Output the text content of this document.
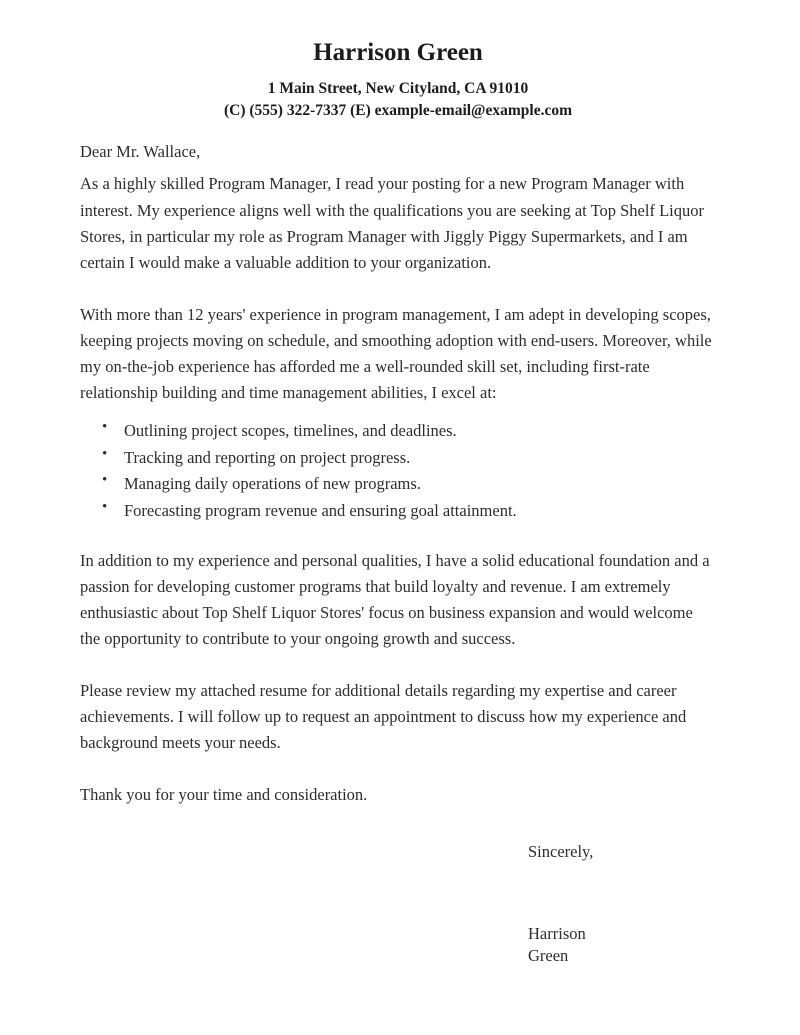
Harrison Green

1 Main Street, New Cityland, CA 91010

(C) (555) 322-7337 (E) example-email@example.com

Dear Mr. Wallace,

As a highly skilled Program Manager, I read your posting for a new Program Manager with interest. My experience aligns well with the qualifications you are seeking at Top Shelf Liquor Stores, in particular my role as Program Manager with Jiggly Piggy Supermarkets, and I am certain I would make a valuable addition to your organization.

With more than 12 years' experience in program management, I am adept in developing scopes, keeping projects moving on schedule, and smoothing adoption with end-users. Moreover, while my on-the-job experience has afforded me a well-rounded skill set, including first-rate relationship building and time management abilities, I excel at:

• Outlining project scopes, timelines, and deadlines.
• Tracking and reporting on project progress.
• Managing daily operations of new programs.
• Forecasting program revenue and ensuring goal attainment.

In addition to my experience and personal qualities, I have a solid educational foundation and a passion for developing customer programs that build loyalty and revenue. I am extremely enthusiastic about Top Shelf Liquor Stores' focus on business expansion and would welcome the opportunity to contribute to your ongoing growth and success.

Please review my attached resume for additional details regarding my expertise and career achievements. I will follow up to request an appointment to discuss how my experience and background meets your needs.

Thank you for your time and consideration.

Sincerely,

Harrison

Green
